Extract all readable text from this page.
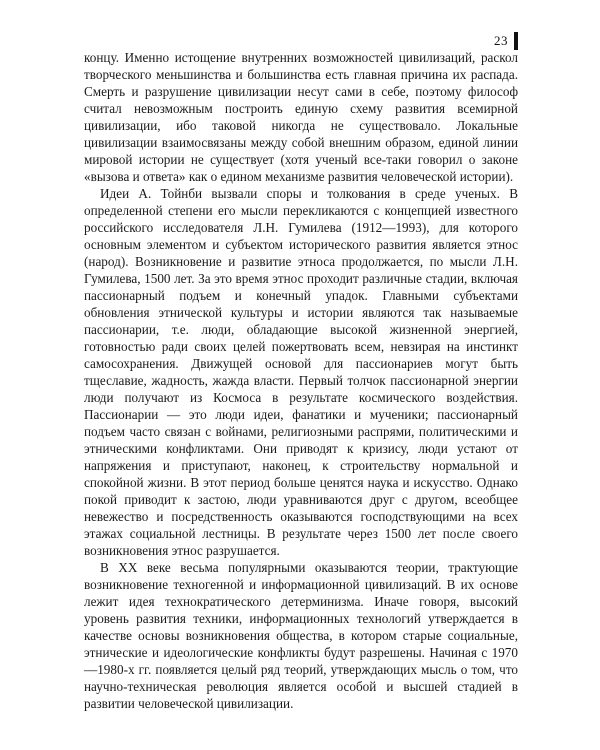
23

концу. Именно истощение внутренних возможностей цивилизаций, раскол творческого меньшинства и большинства есть главная причина их распада. Смерть и разрушение цивилизации несут сами в себе, поэтому философ считал невозможным построить единую схему развития всемирной цивилизации, ибо таковой никогда не существовало. Локальные цивилизации взаимосвязаны между собой внешним образом, единой линии мировой истории не существует (хотя ученый все-таки говорил о законе «вызова и ответа» как о едином механизме развития человеческой истории).

Идеи А. Тойнби вызвали споры и толкования в среде ученых. В определенной степени его мысли перекликаются с концепцией известного российского исследователя Л.Н. Гумилева (1912—1993), для которого основным элементом и субъектом исторического развития является этнос (народ). Возникновение и развитие этноса продолжается, по мысли Л.Н. Гумилева, 1500 лет. За это время этнос проходит различные стадии, включая пассионарный подъем и конечный упадок. Главными субъектами обновления этнической культуры и истории являются так называемые пассионарии, т.е. люди, обладающие высокой жизненной энергией, готовностью ради своих целей пожертвовать всем, невзирая на инстинкт самосохранения. Движущей основой для пассионариев могут быть тщеславие, жадность, жажда власти. Первый толчок пассионарной энергии люди получают из Космоса в результате космического воздействия. Пассионарии — это люди идеи, фанатики и мученики; пассионарный подъем часто связан с войнами, религиозными распрями, политическими и этническими конфликтами. Они приводят к кризису, люди устают от напряжения и приступают, наконец, к строительству нормальной и спокойной жизни. В этот период больше ценятся наука и искусство. Однако покой приводит к застою, люди уравниваются друг с другом, всеобщее невежество и посредственность оказываются господствующими на всех этажах социальной лестницы. В результате через 1500 лет после своего возникновения этнос разрушается.

В XX веке весьма популярными оказываются теории, трактующие возникновение техногенной и информационной цивилизаций. В их основе лежит идея технократического детерминизма. Иначе говоря, высокий уровень развития техники, информационных технологий утверждается в качестве основы возникновения общества, в котором старые социальные, этнические и идеологические конфликты будут разрешены. Начиная с 1970—1980-х гг. появляется целый ряд теорий, утверждающих мысль о том, что научно-техническая революция является особой и высшей стадией в развитии человеческой цивилизации.
